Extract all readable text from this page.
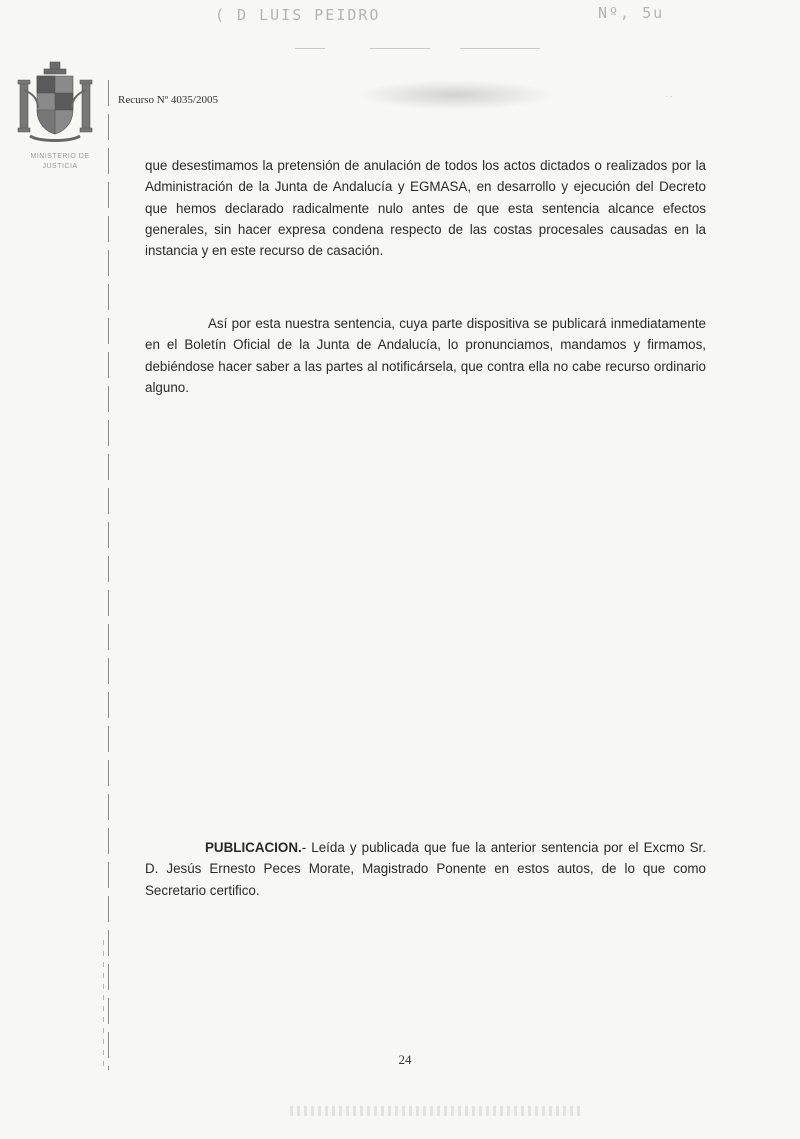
( D LUIS PEIDRO	Nº, 5u
MINISTERIO DE
JUSTICIA
Recurso Nº 4035/2005	· ·

que desestimamos la pretensión de anulación de todos los actos dictados o realizados por la Administración de la Junta de Andalucía y EGMASA, en desarrollo y ejecución del Decreto que hemos declarado radicalmente nulo antes de que esta sentencia alcance efectos generales, sin hacer expresa condena respecto de las costas procesales causadas en la instancia y en este recurso de casación.

Así por esta nuestra sentencia, cuya parte dispositiva se publicará inmediatamente en el Boletín Oficial de la Junta de Andalucía, lo pronunciamos, mandamos y firmamos, debiéndose hacer saber a las partes al notificársela, que contra ella no cabe recurso ordinario alguno.

PUBLICACION.- Leída y publicada que fue la anterior sentencia por el Excmo Sr. D. Jesús Ernesto Peces Morate, Magistrado Ponente en estos autos, de lo que como Secretario certifico.

24
